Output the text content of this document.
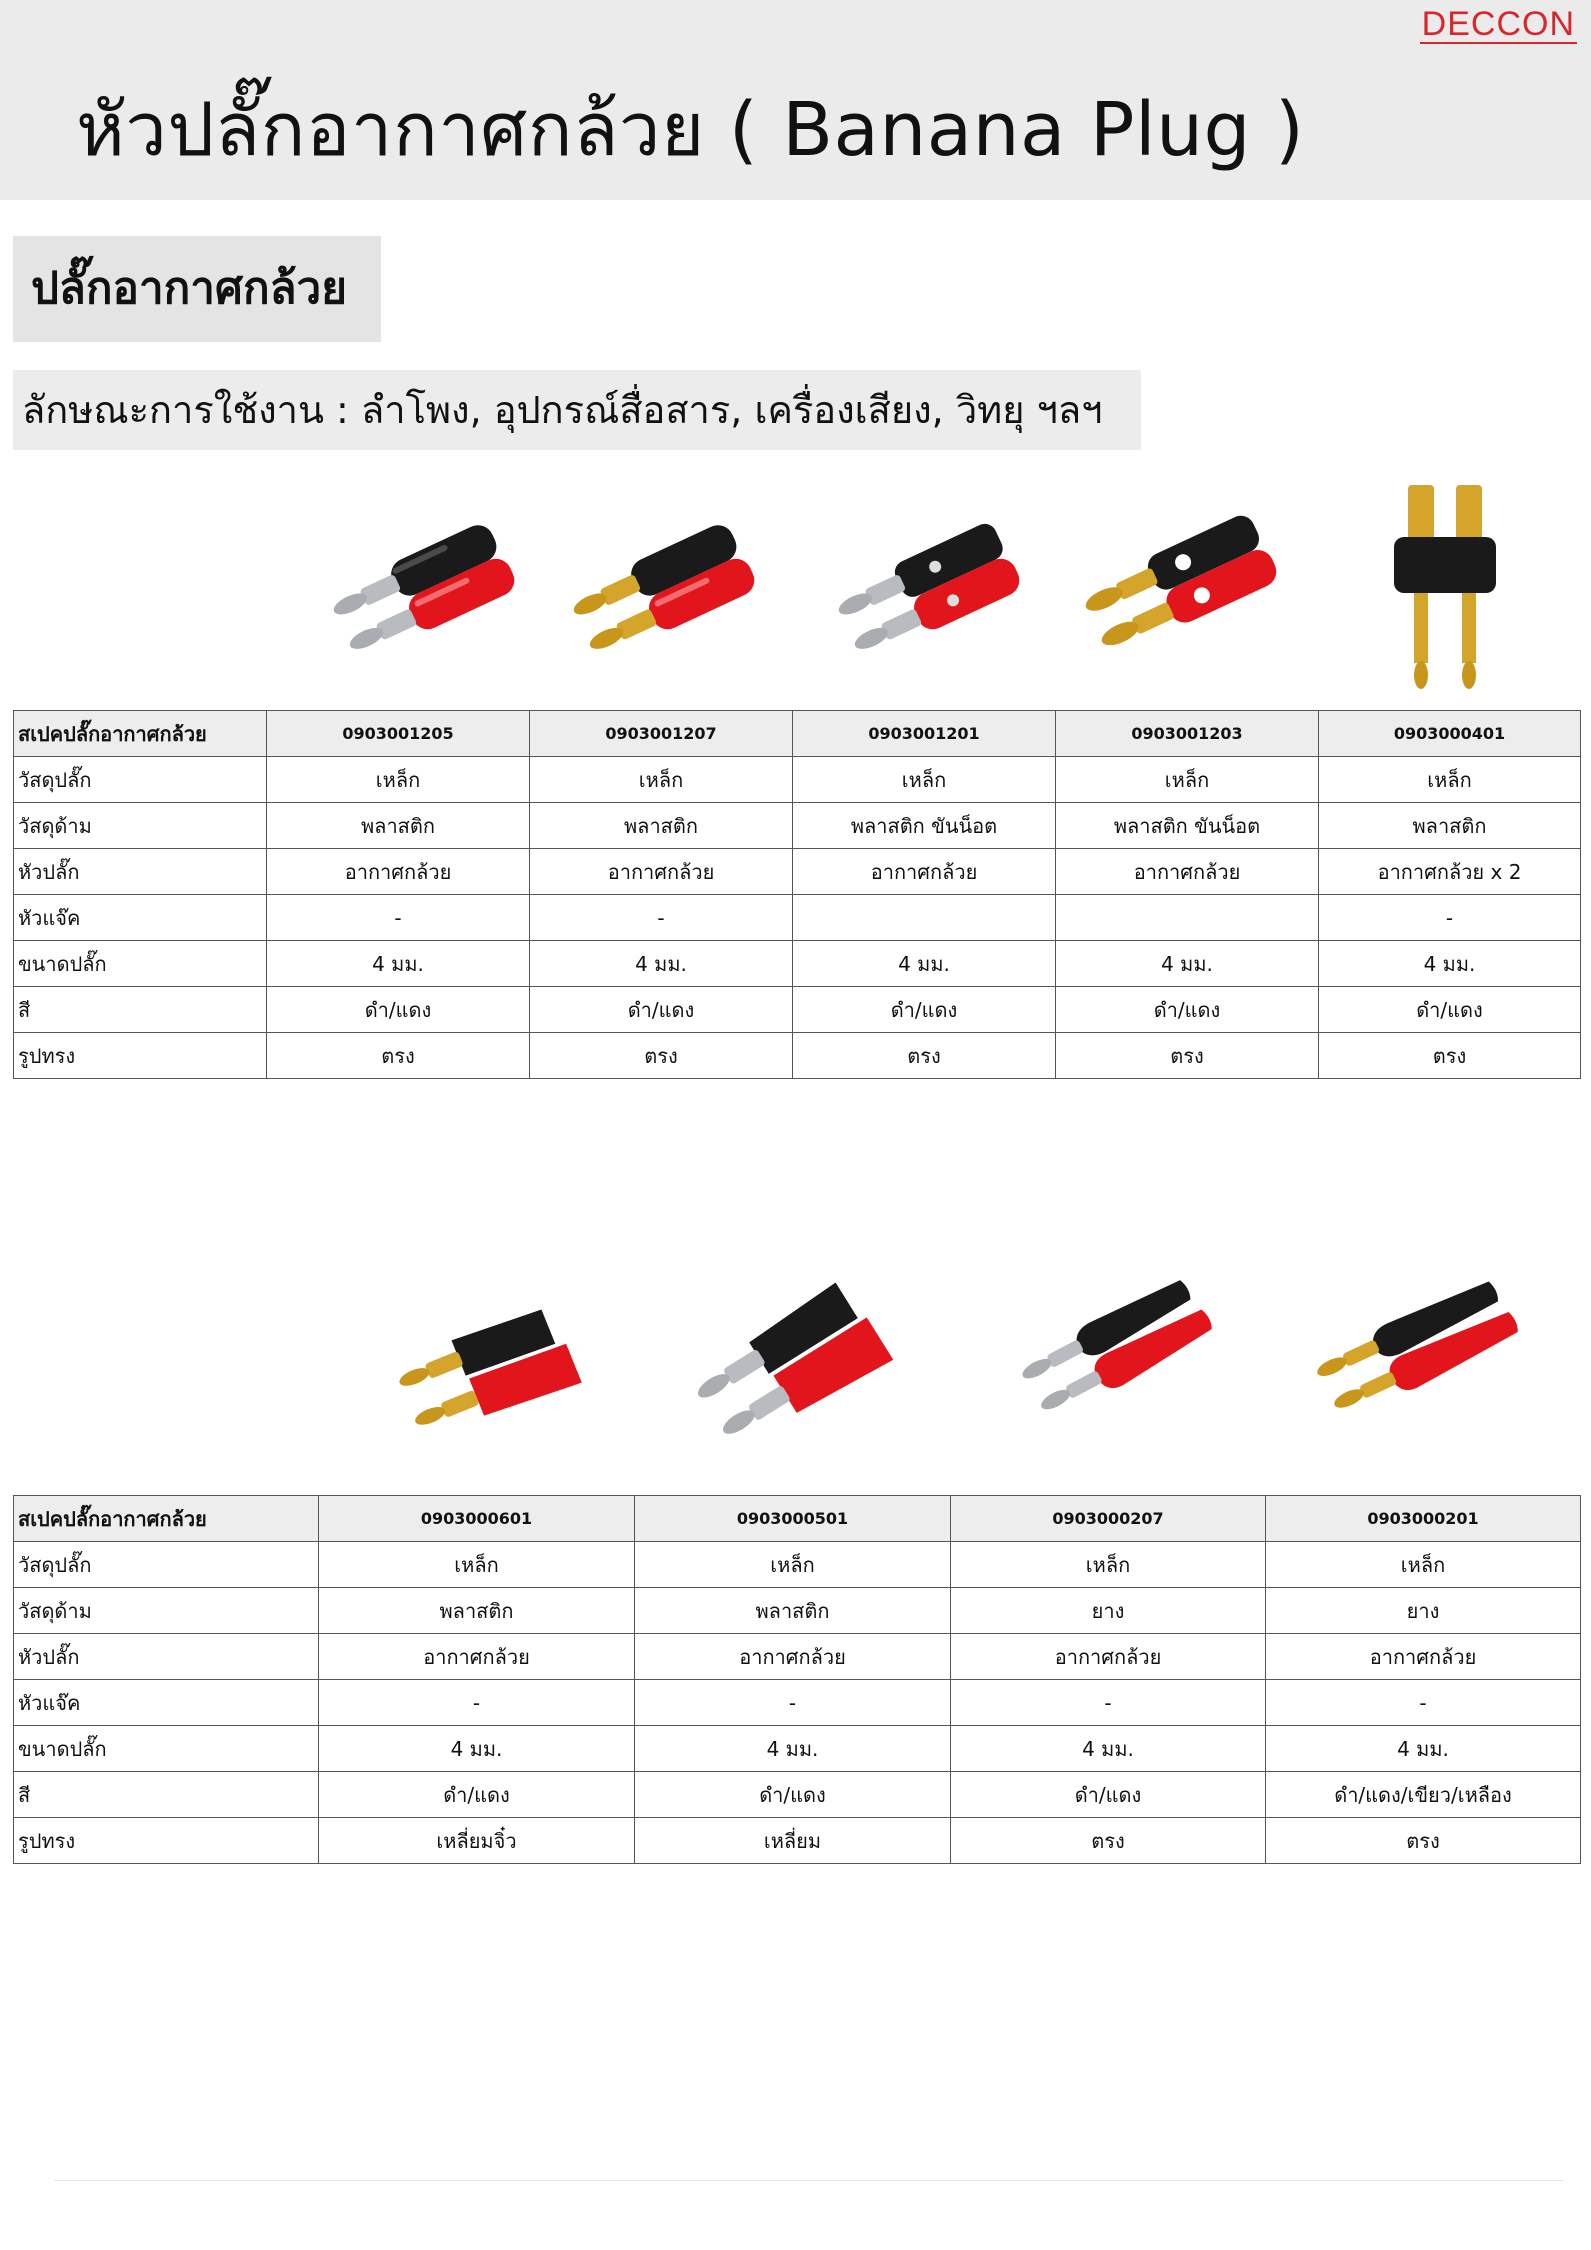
DECCON
หัวปลั๊กอากาศกล้วย ( Banana Plug )
ปลั๊กอากาศกล้วย
ลักษณะการใช้งาน : ลำโพง, อุปกรณ์สื่อสาร, เครื่องเสียง, วิทยุ ฯลฯ
สเปคปลั๊กอากาศกล้วย	0903001205	0903001207	0903001201	0903001203	0903000401
วัสดุปลั๊ก	เหล็ก	เหล็ก	เหล็ก	เหล็ก	เหล็ก
วัสดุด้าม	พลาสติก	พลาสติก	พลาสติก ขันน็อต	พลาสติก ขันน็อต	พลาสติก
หัวปลั๊ก	อากาศกล้วย	อากาศกล้วย	อากาศกล้วย	อากาศกล้วย	อากาศกล้วย x 2
หัวแจ๊ค	-	-			-
ขนาดปลั๊ก	4 มม.	4 มม.	4 มม.	4 มม.	4 มม.
สี	ดำ/แดง	ดำ/แดง	ดำ/แดง	ดำ/แดง	ดำ/แดง
รูปทรง	ตรง	ตรง	ตรง	ตรง	ตรง
สเปคปลั๊กอากาศกล้วย	0903000601	0903000501	0903000207	0903000201
วัสดุปลั๊ก	เหล็ก	เหล็ก	เหล็ก	เหล็ก
วัสดุด้าม	พลาสติก	พลาสติก	ยาง	ยาง
หัวปลั๊ก	อากาศกล้วย	อากาศกล้วย	อากาศกล้วย	อากาศกล้วย
หัวแจ๊ค	-	-	-	-
ขนาดปลั๊ก	4 มม.	4 มม.	4 มม.	4 มม.
สี	ดำ/แดง	ดำ/แดง	ดำ/แดง	ดำ/แดง/เขียว/เหลือง
รูปทรง	เหลี่ยมจิ๋ว	เหลี่ยม	ตรง	ตรง
